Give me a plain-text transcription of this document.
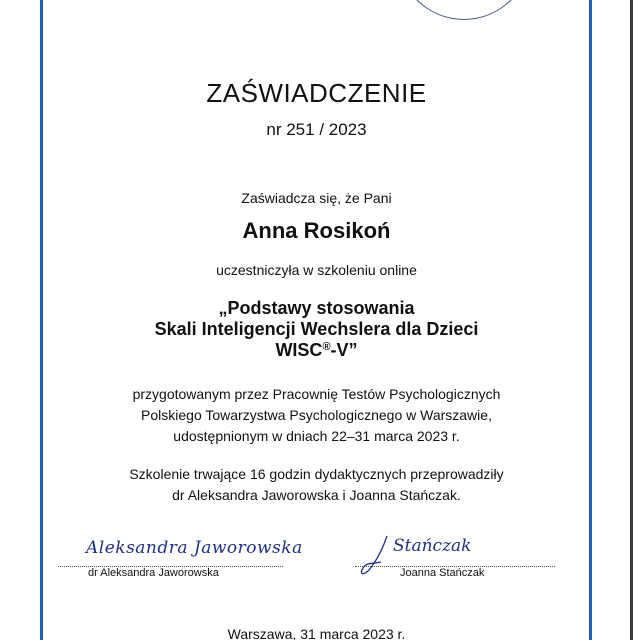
ZAŚWIADCZENIE

nr 251 / 2023

Zaświadcza się, że Pani

Anna Rosikoń

uczestniczyła w szkoleniu online

„Podstawy stosowania
Skali Inteligencji Wechslera dla Dzieci
WISC®-V”
przygotowanym przez Pracownię Testów Psychologicznych
Polskiego Towarzystwa Psychologicznego w Warszawie,
udostępnionym w dniach 22–31 marca 2023 r.
Szkolenie trwające 16 godzin dydaktycznych przeprowadziły
dr Aleksandra Jaworowska i Joanna Stańczak.
Aleksandra Jaworowska
dr Aleksandra Jaworowska
Stańczak
Joanna Stańczak

Warszawa, 31 marca 2023 r.
